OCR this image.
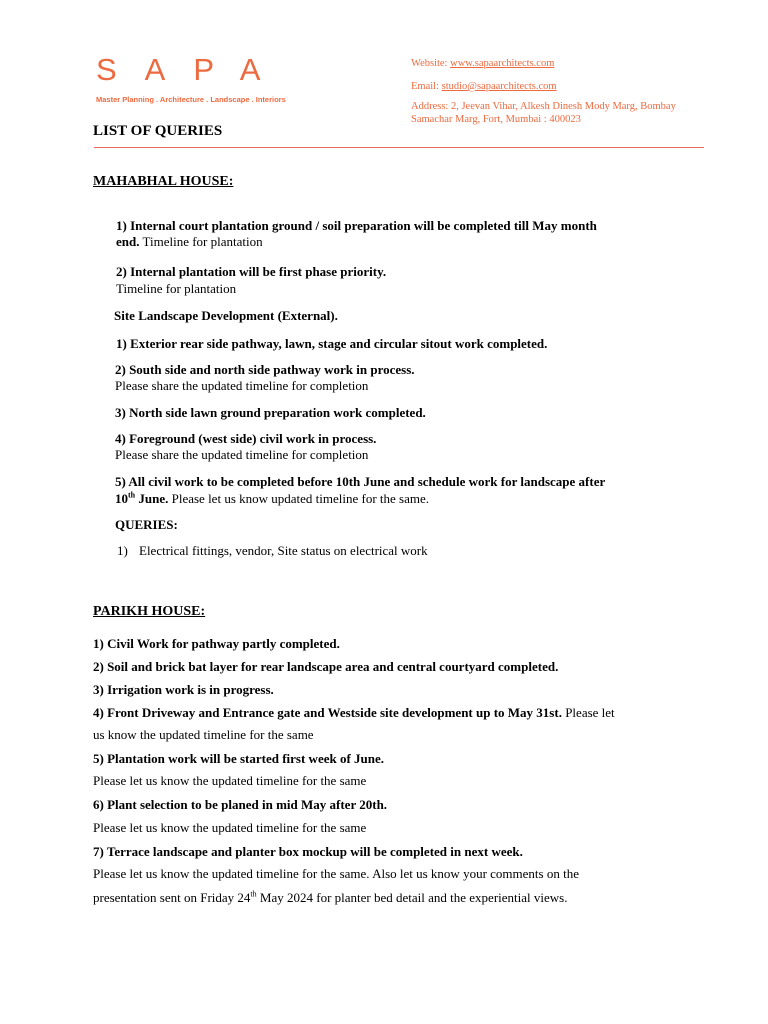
SAPA
Master Planning . Architecture . Landscape . Interiors
Website: www.sapaarchitects.com
Email: studio@sapaarchitects.com
Address: 2, Jeevan Vihar, Alkesh Dinesh Mody Marg, Bombay
Samachar Marg, Fort, Mumbai : 400023
LIST OF QUERIES
MAHABHAL HOUSE:
1) Internal court plantation ground / soil preparation will be completed till May month
end. Timeline for plantation
2) Internal plantation will be first phase priority.
Timeline for plantation
Site Landscape Development (External).
1) Exterior rear side pathway, lawn, stage and circular sitout work completed.
2) South side and north side pathway work in process.
Please share the updated timeline for completion
3) North side lawn ground preparation work completed.
4) Foreground (west side) civil work in process.
Please share the updated timeline for completion
5) All civil work to be completed before 10th June and schedule work for landscape after
10th June. Please let us know updated timeline for the same.
QUERIES:
1) Electrical fittings, vendor, Site status on electrical work
PARIKH HOUSE:
1) Civil Work for pathway partly completed.
2) Soil and brick bat layer for rear landscape area and central courtyard completed.
3) Irrigation work is in progress.
4) Front Driveway and Entrance gate and Westside site development up to May 31st. Please let
us know the updated timeline for the same
5) Plantation work will be started first week of June.
Please let us know the updated timeline for the same
6) Plant selection to be planed in mid May after 20th.
Please let us know the updated timeline for the same
7) Terrace landscape and planter box mockup will be completed in next week.
Please let us know the updated timeline for the same. Also let us know your comments on the
presentation sent on Friday 24th May 2024 for planter bed detail and the experiential views.
